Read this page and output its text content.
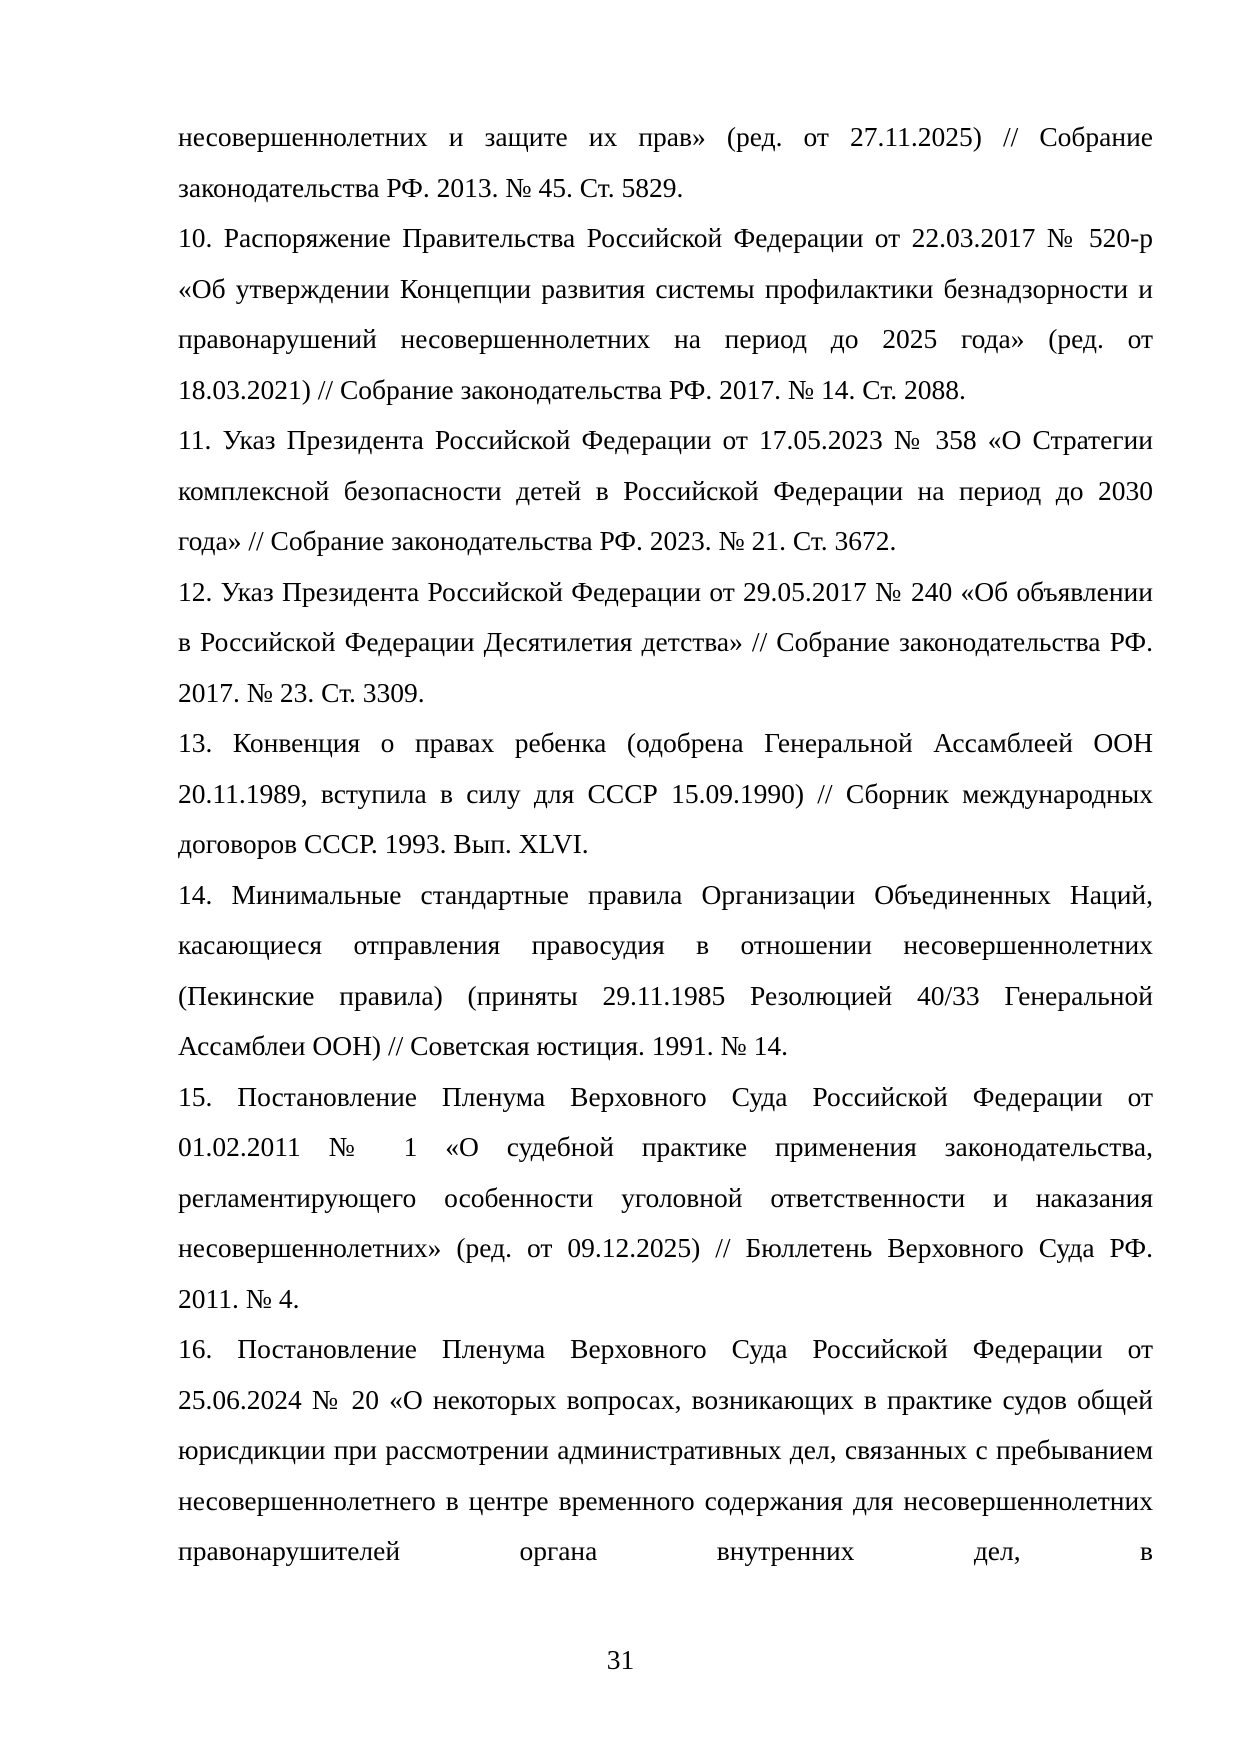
несовершеннолетних и защите их прав» (ред. от 27.11.2025) // Собрание законодательства РФ. 2013. № 45. Ст. 5829.

10. Распоряжение Правительства Российской Федерации от 22.03.2017 № 520-р «Об утверждении Концепции развития системы профилактики безнадзорности и правонарушений несовершеннолетних на период до 2025 года» (ред. от 18.03.2021) // Собрание законодательства РФ. 2017. № 14. Ст. 2088.

11. Указ Президента Российской Федерации от 17.05.2023 № 358 «О Стратегии комплексной безопасности детей в Российской Федерации на период до 2030 года» // Собрание законодательства РФ. 2023. № 21. Ст. 3672.

12. Указ Президента Российской Федерации от 29.05.2017 № 240 «Об объявлении в Российской Федерации Десятилетия детства» // Собрание законодательства РФ. 2017. № 23. Ст. 3309.

13. Конвенция о правах ребенка (одобрена Генеральной Ассамблеей ООН 20.11.1989, вступила в силу для СССР 15.09.1990) // Сборник международных договоров СССР. 1993. Вып. XLVI.

14. Минимальные стандартные правила Организации Объединенных Наций, касающиеся отправления правосудия в отношении несовершеннолетних (Пекинские правила) (приняты 29.11.1985 Резолюцией 40/33 Генеральной Ассамблеи ООН) // Советская юстиция. 1991. № 14.

15. Постановление Пленума Верховного Суда Российской Федерации от 01.02.2011 № 1 «О судебной практике применения законодательства, регламентирующего особенности уголовной ответственности и наказания несовершеннолетних» (ред. от 09.12.2025) // Бюллетень Верховного Суда РФ. 2011. № 4.

16. Постановление Пленума Верховного Суда Российской Федерации от 25.06.2024 № 20 «О некоторых вопросах, возникающих в практике судов общей юрисдикции при рассмотрении административных дел, связанных с пребыванием несовершеннолетнего в центре временного содержания для несовершеннолетних правонарушителей органа внутренних дел, в

31
